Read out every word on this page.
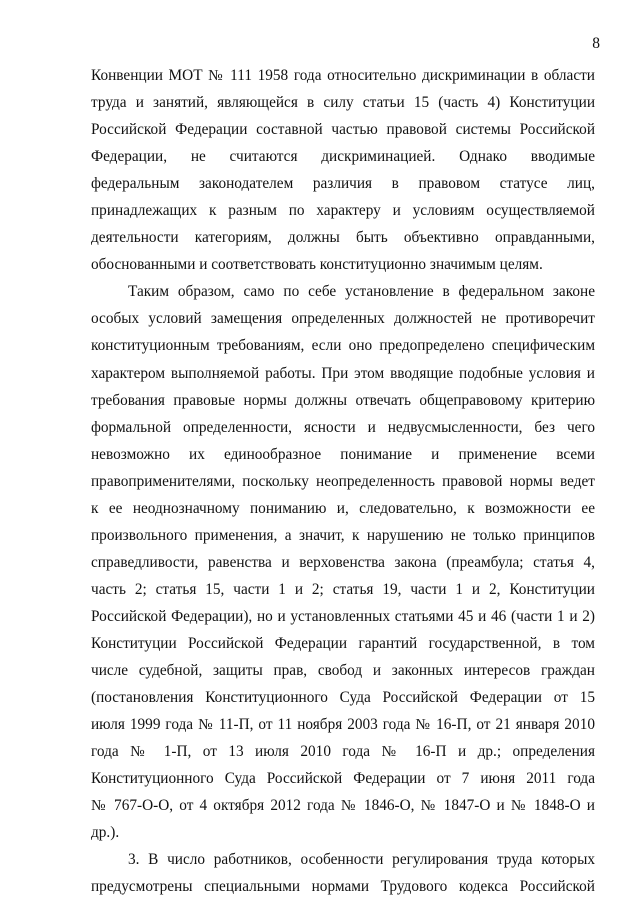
8
Конвенции МОТ № 111 1958 года относительно дискриминации в области
труда и занятий, являющейся в силу статьи 15 (часть 4) Конституции
Российской Федерации составной частью правовой системы Российской
Федерации, не считаются дискриминацией. Однако вводимые
федеральным законодателем различия в правовом статусе лиц,
принадлежащих к разным по характеру и условиям осуществляемой
деятельности категориям, должны быть объективно оправданными,
обоснованными и соответствовать конституционно значимым целям.
Таким образом, само по себе установление в федеральном законе
особых условий замещения определенных должностей не противоречит
конституционным требованиям, если оно предопределено специфическим
характером выполняемой работы. При этом вводящие подобные условия и
требования правовые нормы должны отвечать общеправовому критерию
формальной определенности, ясности и недвусмысленности, без чего
невозможно их единообразное понимание и применение всеми
правоприменителями, поскольку неопределенность правовой нормы ведет
к ее неоднозначному пониманию и, следовательно, к возможности ее
произвольного применения, а значит, к нарушению не только принципов
справедливости, равенства и верховенства закона (преамбула; статья 4,
часть 2; статья 15, части 1 и 2; статья 19, части 1 и 2, Конституции
Российской Федерации), но и установленных статьями 45 и 46 (части 1 и 2)
Конституции Российской Федерации гарантий государственной, в том
числе судебной, защиты прав, свобод и законных интересов граждан
(постановления Конституционного Суда Российской Федерации от 15
июля 1999 года № 11-П, от 11 ноября 2003 года № 16-П, от 21 января 2010
года № 1-П, от 13 июля 2010 года № 16-П и др.; определения
Конституционного Суда Российской Федерации от 7 июня 2011 года
№ 767-О-О, от 4 октября 2012 года № 1846-О, № 1847-О и № 1848-О и
др.).
3. В число работников, особенности регулирования труда которых
предусмотрены специальными нормами Трудового кодекса Российской
